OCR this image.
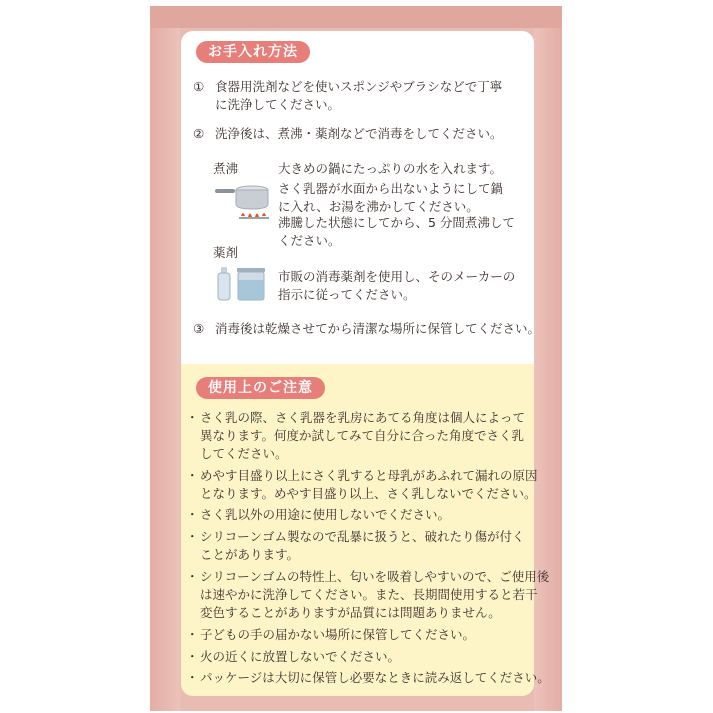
お手入れ方法
① 食器用洗剤などを使いスポンジやブラシなどで丁寧
に洗浄してください。
② 洗浄後は、煮沸・薬剤などで消毒をしてください。
煮沸	大きめの鍋にたっぷりの水を入れます。
さく乳器が水面から出ないようにして鍋
に入れ、お湯を沸かしてください。
沸騰した状態にしてから、5 分間煮沸して
ください。
薬剤
市販の消毒薬剤を使用し、そのメーカーの
指示に従ってください。
③ 消毒後は乾燥させてから清潔な場所に保管してください。
使用上のご注意
・ さく乳の際、さく乳器を乳房にあてる角度は個人によって
異なります。何度か試してみて自分に合った角度でさく乳
してください。
・ めやす目盛り以上にさく乳すると母乳があふれて漏れの原因
となります。めやす目盛り以上、さく乳しないでください。
・ さく乳以外の用途に使用しないでください。
・ シリコーンゴム製なので乱暴に扱うと、破れたり傷が付く
ことがあります。
・ シリコーンゴムの特性上、匂いを吸着しやすいので、ご使用後
は速やかに洗浄してください。また、長期間使用すると若干
変色することがありますが品質には問題ありません。
・ 子どもの手の届かない場所に保管してください。
・ 火の近くに放置しないでください。
・ パッケージは大切に保管し必要なときに読み返してください。
